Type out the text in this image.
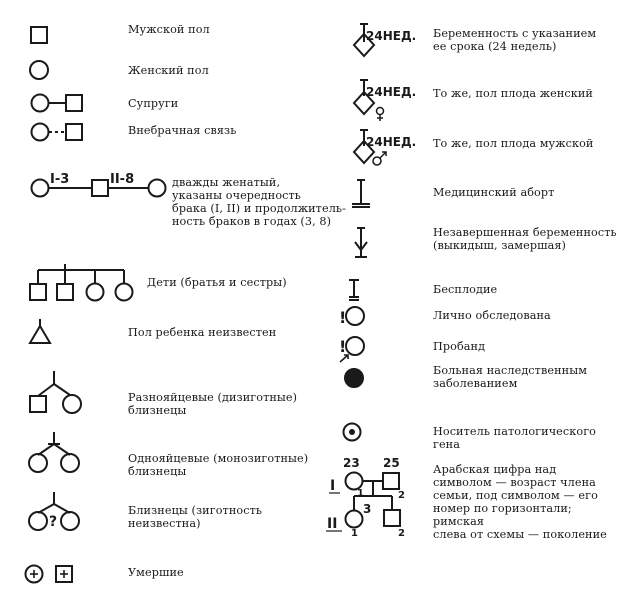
I-3	II-8
?
24НЕД.
24НЕД.
24НЕД.
!
!
I
II
23 25
1	2
3
1	2
Мужской пол
Женский пол
Супруги
Внебрачная связь
дважды женатый,
указаны очередность
брака (I, II) и продолжитель-
ность браков в годах (3, 8)
Дети (братья и сестры)
Пол ребенка неизвестен
Разнояйцевые (дизиготные)
близнецы
Однояйцевые (монозиготные)
близнецы
Близнецы (зиготность
неизвестна)
Умершие
Беременность с указанием
ее срока (24 недель)
То же, пол плода женский
То же, пол плода мужской
Медицинский аборт
Незавершенная беременность
(выкидыш, замершая)
Бесплодие
Лично обследована
Пробанд
Больная наследственным
заболеванием
Носитель патологического гена
Арабская цифра над
символом — возраст члена
семьи, под символом — его
номер по горизонтали; римская
слева от схемы — поколение
